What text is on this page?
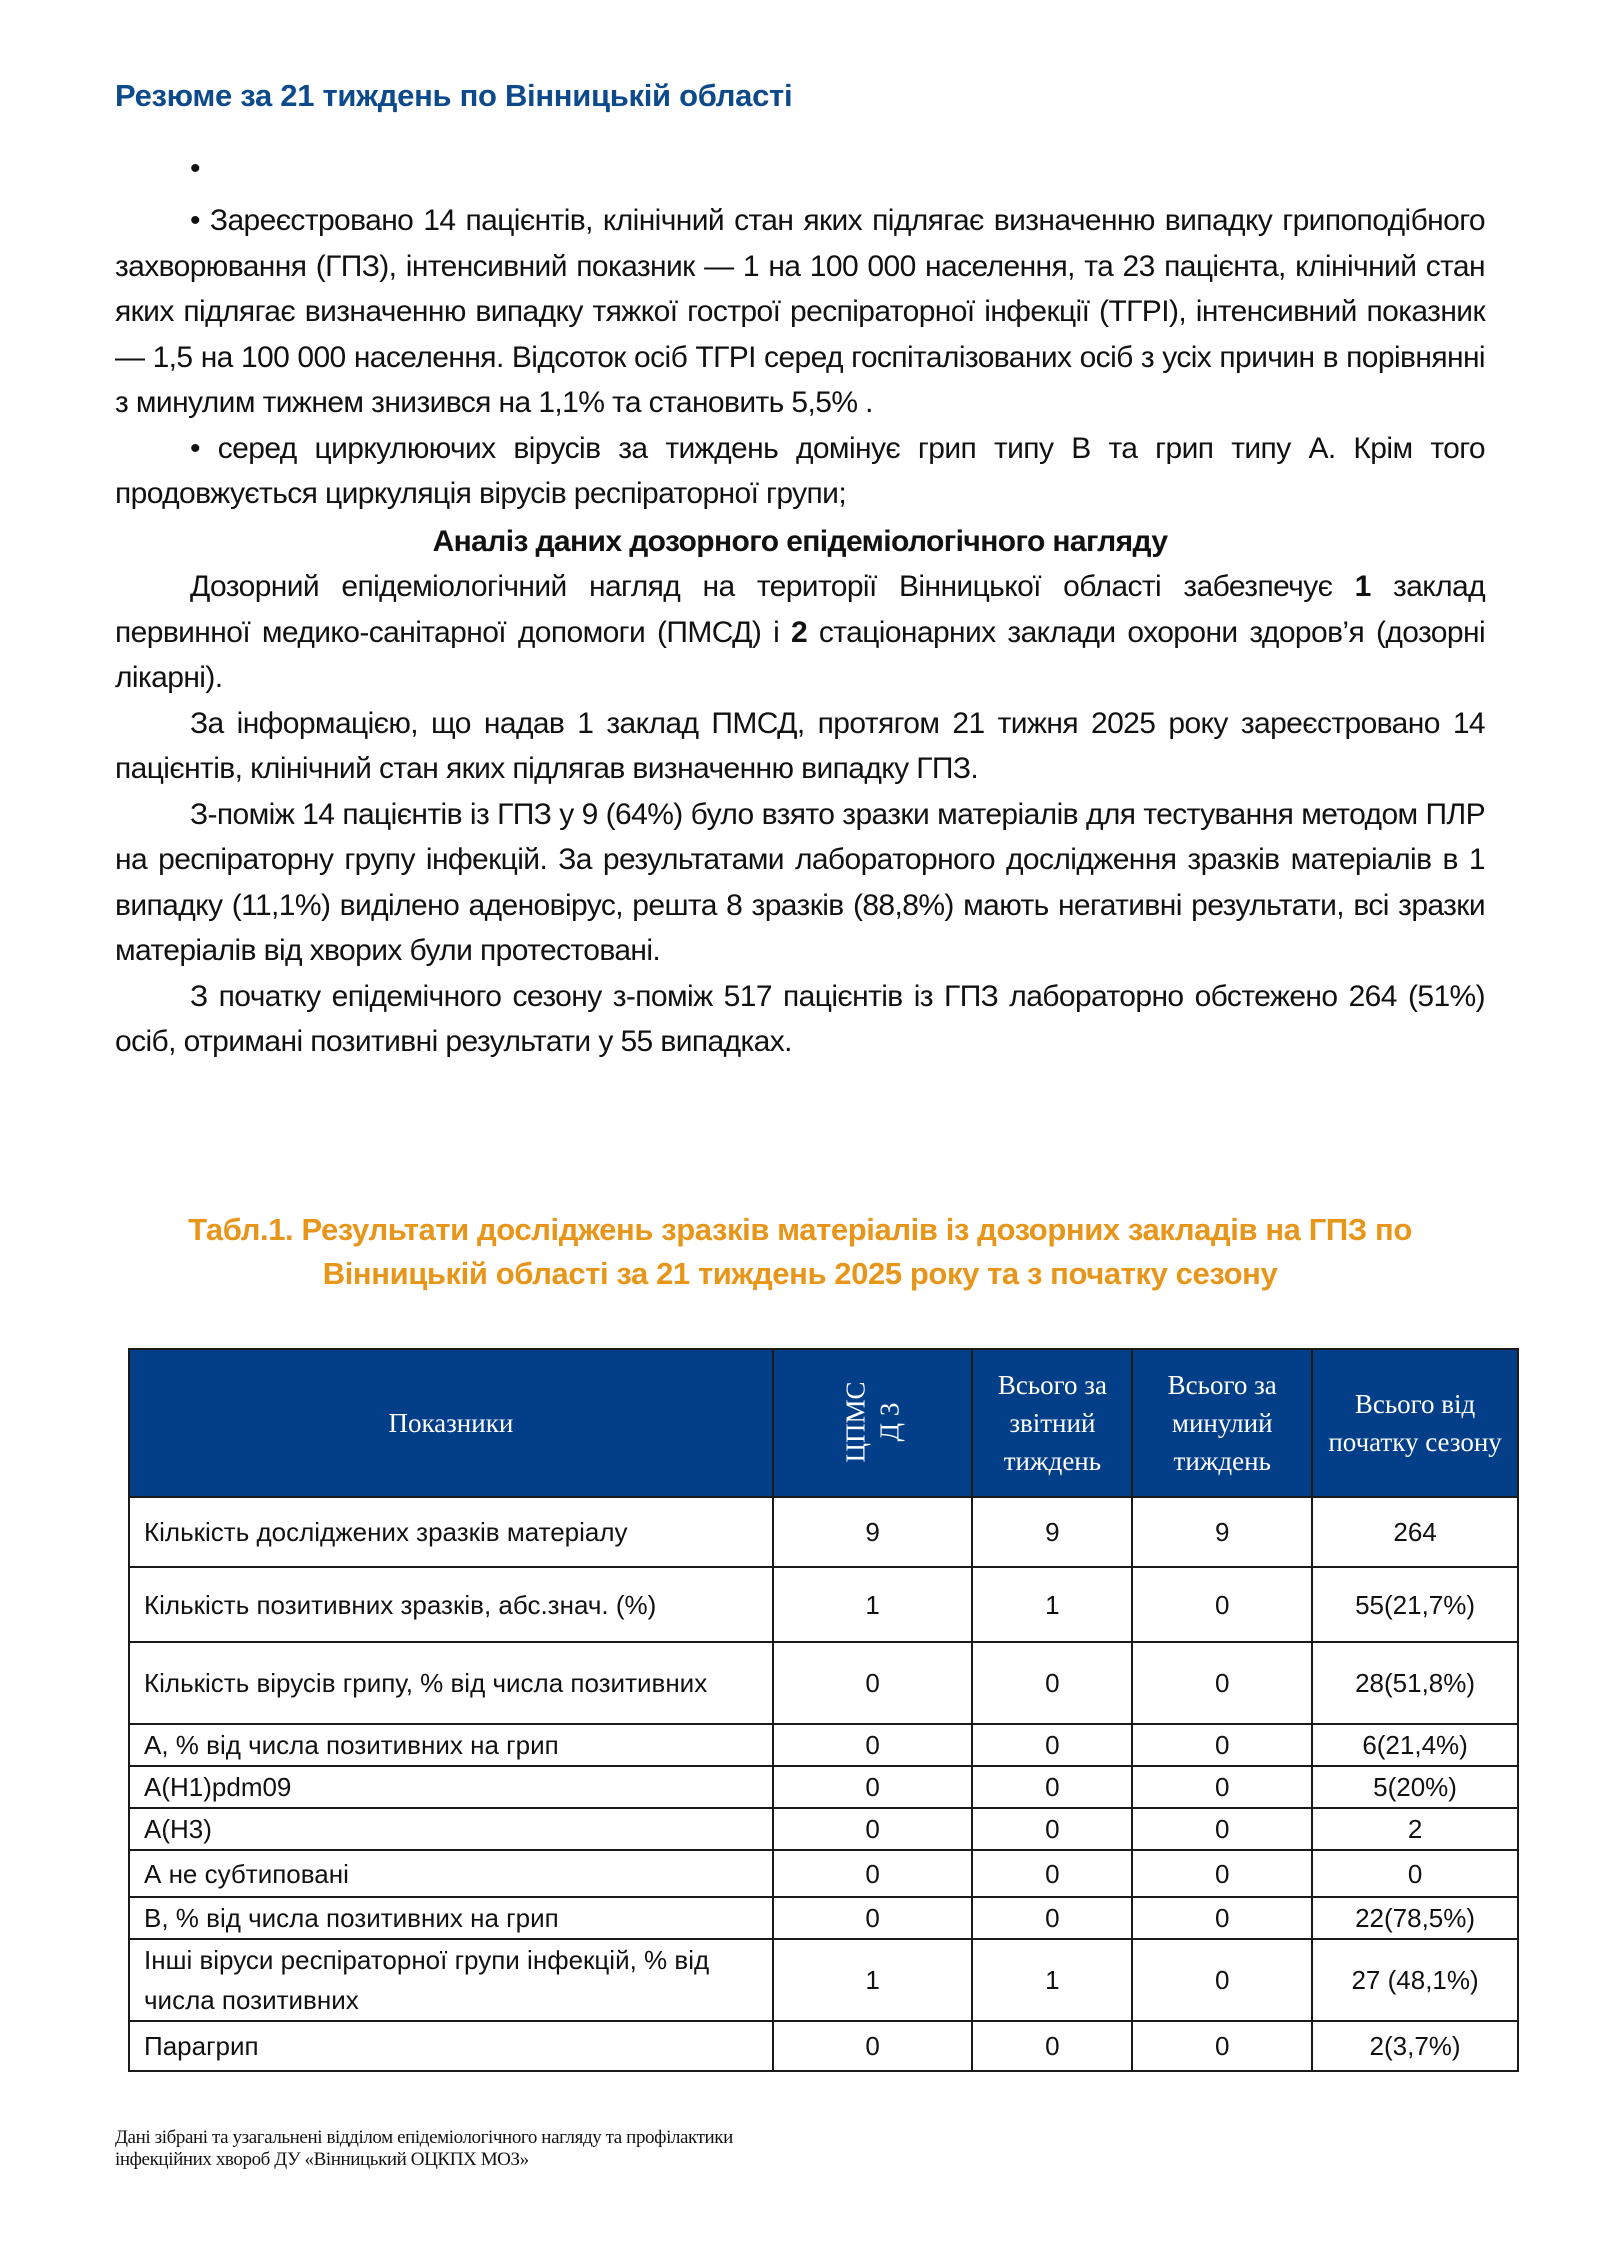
Резюме за 21 тиждень по Вінницькій області
•

• Зареєстровано 14 пацієнтів, клінічний стан яких підлягає визначенню випадку грипоподібного захворювання (ГПЗ), інтенсивний показник — 1 на 100 000 населення, та 23 пацієнта, клінічний стан яких підлягає визначенню випадку тяжкої гострої респіраторної інфекції (ТГРІ), інтенсивний показник — 1,5 на 100 000 населення. Відсоток осіб ТГРІ серед госпіталізованих осіб з усіх причин в порівнянні з минулим тижнем знизився на 1,1% та становить 5,5% .

• серед циркулюючих вірусів за тиждень домінує грип типу В та грип типу А. Крім того продовжується циркуляція вірусів респіраторної групи;

Аналіз даних дозорного епідеміологічного нагляду

Дозорний епідеміологічний нагляд на території Вінницької області забезпечує 1 заклад первинної медико-санітарної допомоги (ПМСД) і 2 стаціонарних заклади охорони здоров’я (дозорні лікарні).

За інформацією, що надав 1 заклад ПМСД, протягом 21 тижня 2025 року зареєстровано 14 пацієнтів, клінічний стан яких підлягав визначенню випадку ГПЗ.

З-поміж 14 пацієнтів із ГПЗ у 9 (64%) було взято зразки матеріалів для тестування методом ПЛР на респіраторну групу інфекцій. За результатами лабораторного дослідження зразків матеріалів в 1 випадку (11,1%) виділено аденовірус, решта 8 зразків (88,8%) мають негативні результати, всі зразки матеріалів від хворих були протестовані.

З початку епідемічного сезону з-поміж 517 пацієнтів із ГПЗ лабораторно обстежено 264 (51%) осіб, отримані позитивні результати у 55 випадках.

Табл.1. Результати досліджень зразків матеріалів із дозорних закладів на ГПЗ по Вінницькій області за 21 тиждень 2025 року та з початку сезону
Показники	ЦПМС Д 3	Всього за звітний тиждень	Всього за минулий тиждень	Всього від початку сезону
Кількість досліджених зразків матеріалу	9	9	9	264
Кількість позитивних зразків, абс.знач. (%)	1	1	0	55(21,7%)
Кількість вірусів грипу, % від числа позитивних	0	0	0	28(51,8%)
А, % від числа позитивних на грип	0	0	0	6(21,4%)
A(H1)pdm09	0	0	0	5(20%)
A(H3)	0	0	0	2
А не субтиповані	0	0	0	0
В, % від числа позитивних на грип	0	0	0	22(78,5%)
Інші віруси респіраторної групи інфекцій, % від числа позитивних	1	1	0	27 (48,1%)
Парагрип	0	0	0	2(3,7%)
Дані зібрані та узагальнені відділом епідеміологічного нагляду та профілактики
інфекційних хвороб ДУ «Вінницький ОЦКПХ МОЗ»
